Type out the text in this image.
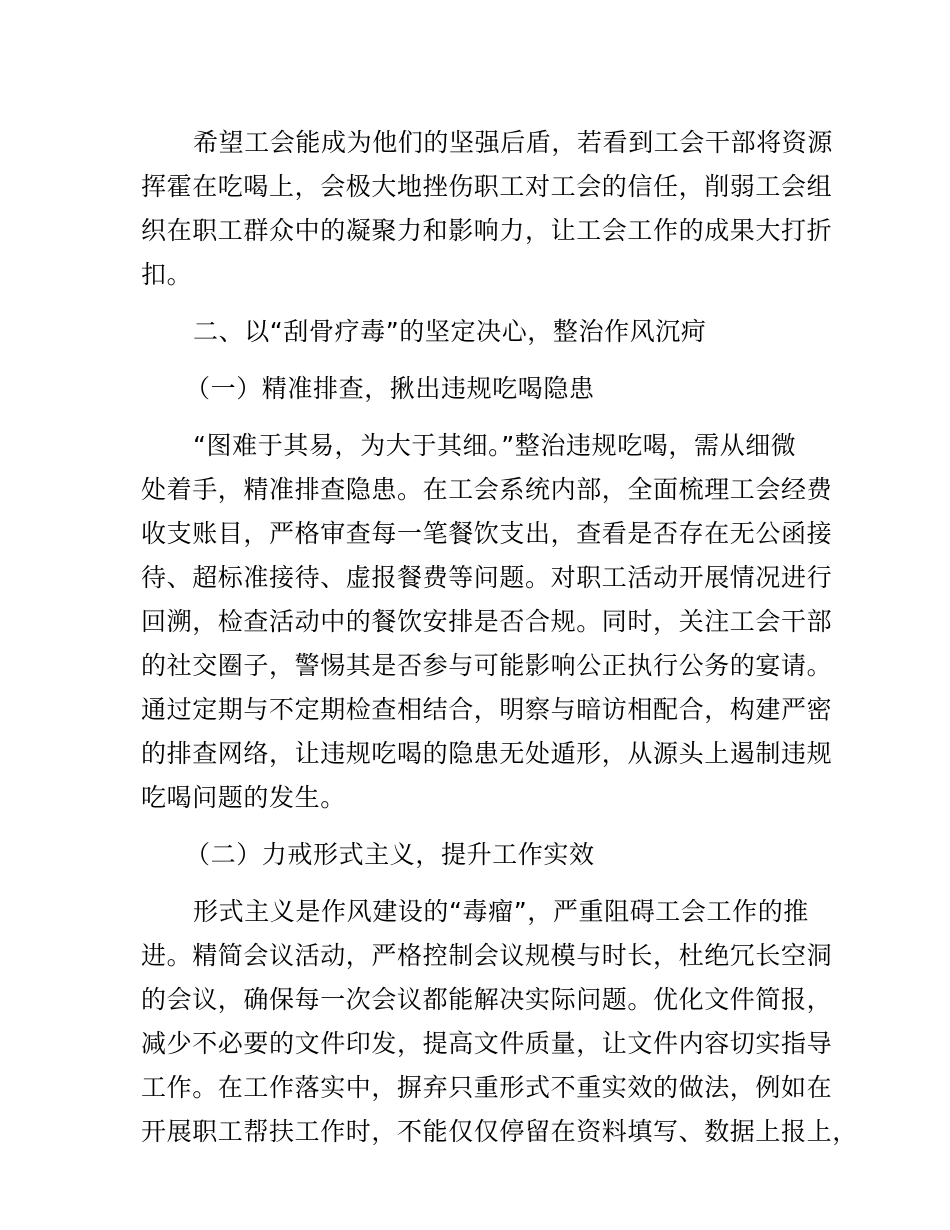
希望工会能成为他们的坚强后盾，若看到工会干部将资源
挥霍在吃喝上，会极大地挫伤职工对工会的信任，削弱工会组
织在职工群众中的凝聚力和影响力，让工会工作的成果大打折
扣。
二、以“刮骨疗毒”的坚定决心，整治作风沉疴
（一）精准排查，揪出违规吃喝隐患
“图难于其易，为大于其细。”整治违规吃喝，需从细微
处着手，精准排查隐患。在工会系统内部，全面梳理工会经费
收支账目，严格审查每一笔餐饮支出，查看是否存在无公函接
待、超标准接待、虚报餐费等问题。对职工活动开展情况进行
回溯，检查活动中的餐饮安排是否合规。同时，关注工会干部
的社交圈子，警惕其是否参与可能影响公正执行公务的宴请。
通过定期与不定期检查相结合，明察与暗访相配合，构建严密
的排查网络，让违规吃喝的隐患无处遁形，从源头上遏制违规
吃喝问题的发生。
（二）力戒形式主义，提升工作实效
形式主义是作风建设的“毒瘤”，严重阻碍工会工作的推
进。精简会议活动，严格控制会议规模与时长，杜绝冗长空洞
的会议，确保每一次会议都能解决实际问题。优化文件简报，
减少不必要的文件印发，提高文件质量，让文件内容切实指导
工作。在工作落实中，摒弃只重形式不重实效的做法，例如在
开展职工帮扶工作时，不能仅仅停留在资料填写、数据上报上，
